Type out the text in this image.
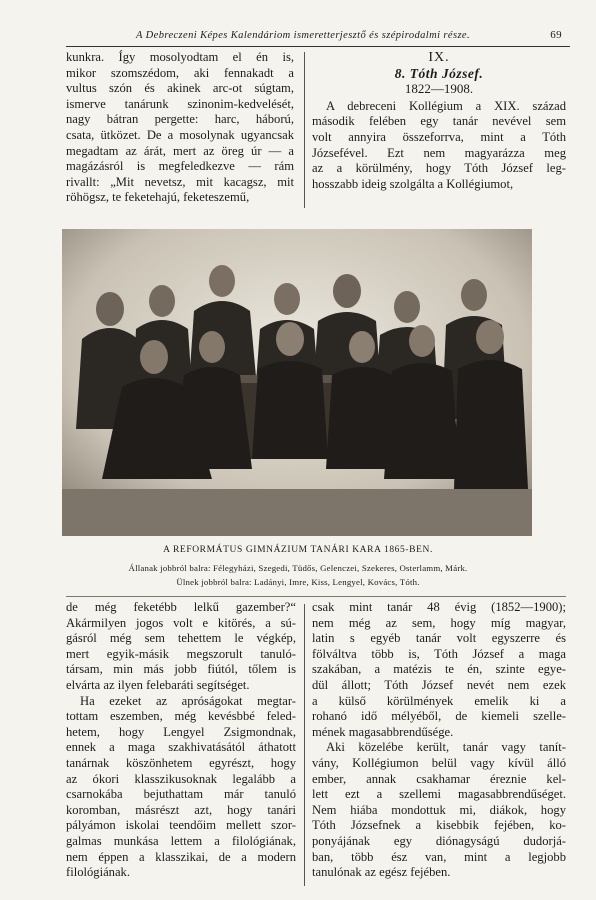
A Debreczeni Képes Kalendáriom ismeretterjesztő és szépirodalmi része.	69
kunkra. Így mosolyodtam el én is,
mikor szomszédom, aki fennakadt a
vultus szón és akinek arc-ot súgtam,
ismerve tanárunk szinonim-kedvelését,
nagy bátran pergette: harc, háború,
csata, ütközet. De a mosolynak ugyancsak
megadtam az árát, mert az öreg úr — a
magázásról is megfeledkezve — rám
rivallt: „Mit nevetsz, mit kacagsz, mit
röhögsz, te feketehajú, feketeszemű,
IX.
8. Tóth József.
1822—1908.
A debreceni Kollégium a XIX. század
második felében egy tanár nevével sem
volt annyira összeforrva, mint a Tóth
Józsefével. Ezt nem magyarázza meg
az a körülmény, hogy Tóth József leg-
hosszabb ideig szolgálta a Kollégiumot,
A REFORMÁTUS GIMNÁZIUM TANÁRI KARA 1865-BEN.
Állanak jobbról balra: Félegyházi, Szegedi, Tüdős, Gelenczei, Szekeres, Osterlamm, Márk.
Ülnek jobbról balra: Ladányi, Imre, Kiss, Lengyel, Kovács, Tóth.
de még feketébb lelkű gazember?“
Akármilyen jogos volt e kitörés, a sú-
gásról még sem tehettem le végkép,
mert egyik-másik megszorult tanuló-
társam, min más jobb fiútól, tőlem is
elvárta az ilyen felebaráti segítséget.
Ha ezeket az apróságokat megtar-
tottam eszemben, még kevésbbé feled-
hetem, hogy Lengyel Zsigmondnak,
ennek a maga szakhivatásától áthatott
tanárnak köszönhetem egyrészt, hogy
az ókori klasszikusoknak legalább a
csarnokába bejuthattam már tanuló
koromban, másrészt azt, hogy tanári
pályámon iskolai teendőim mellett szor-
galmas munkása lettem a filológiának,
nem éppen a klasszikai, de a modern
filológiának.
csak mint tanár 48 évig (1852—1900);
nem még az sem, hogy míg magyar,
latin s egyéb tanár volt egyszerre és
fölváltva több is, Tóth József a maga
szakában, a matézis te én, szinte egye-
dül állott; Tóth József nevét nem ezek
a külső körülmények emelik ki a
rohanó idő mélyéből, de kiemeli szelle-
mének magasabbrendűsége.
Aki közelébe került, tanár vagy tanít-
vány, Kollégiumon belül vagy kívül álló
ember, annak csakhamar éreznie kel-
lett ezt a szellemi magasabbrendűséget.
Nem hiába mondottuk mi, diákok, hogy
Tóth Józsefnek a kisebbik fejében, ko-
ponyájának egy diónagyságú dudorjá-
ban, több ész van, mint a legjobb
tanulónak az egész fejében.
